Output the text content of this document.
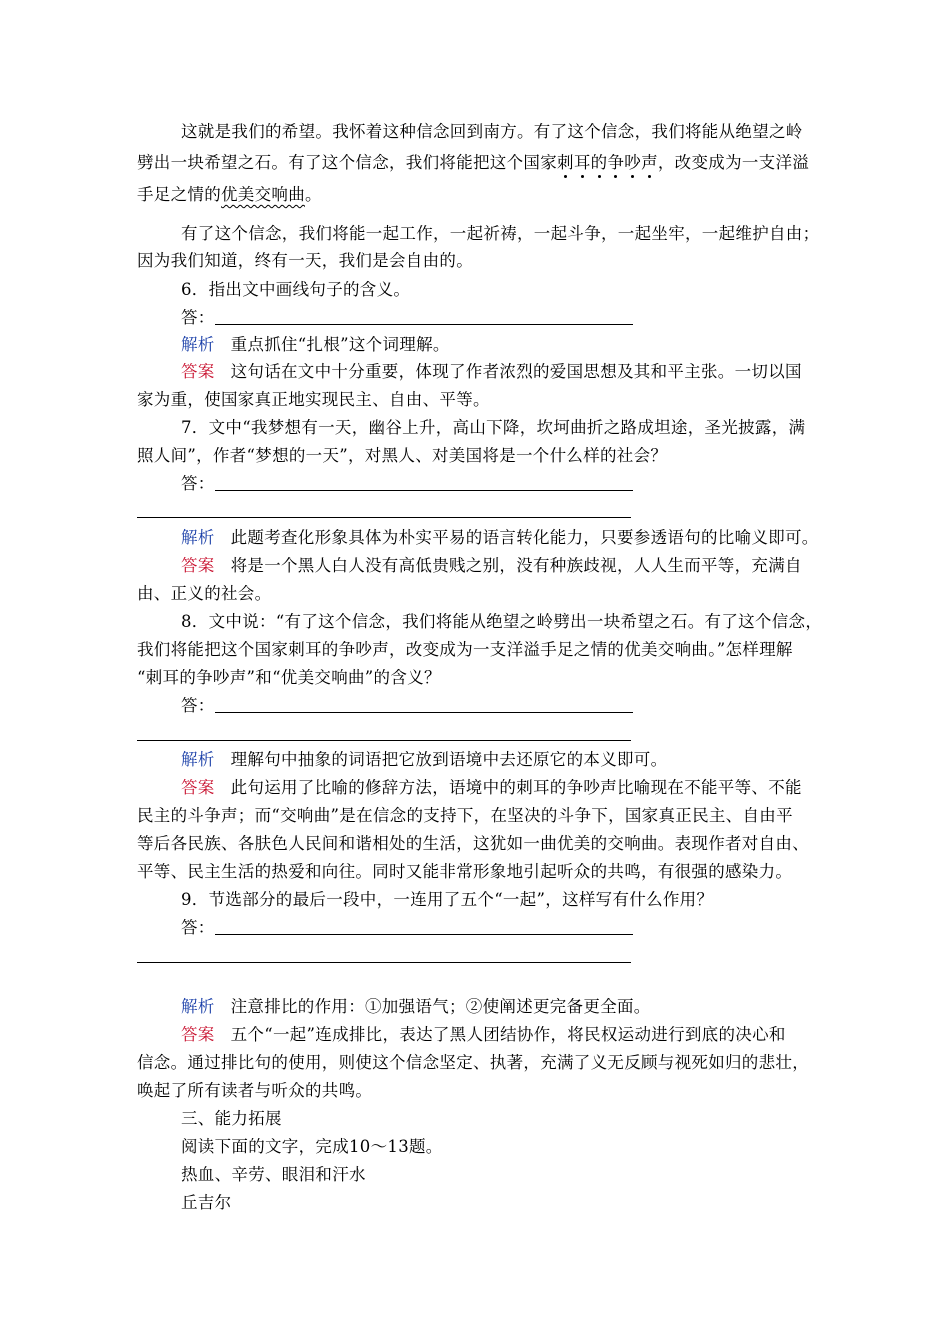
这就是我们的希望。我怀着这种信念回到南方。有了这个信念，我们将能从绝望之岭
劈出一块希望之石。有了这个信念，我们将能把这个国家刺耳的争吵声，改变成为一支洋溢
手足之情的优美交响曲。
有了这个信念，我们将能一起工作，一起祈祷，一起斗争，一起坐牢，一起维护自由；
因为我们知道，终有一天，我们是会自由的。
6．指出文中画线句子的含义。
答：
解析 重点抓住“扎根”这个词理解。
答案 这句话在文中十分重要，体现了作者浓烈的爱国思想及其和平主张。一切以国
家为重，使国家真正地实现民主、自由、平等。
7．文中“我梦想有一天，幽谷上升，高山下降，坎坷曲折之路成坦途，圣光披露，满
照人间”，作者“梦想的一天”，对黑人、对美国将是一个什么样的社会？
答：
解析 此题考查化形象具体为朴实平易的语言转化能力，只要参透语句的比喻义即可。
答案 将是一个黑人白人没有高低贵贱之别，没有种族歧视，人人生而平等，充满自
由、正义的社会。
8．文中说：“有了这个信念，我们将能从绝望之岭劈出一块希望之石。有了这个信念，
我们将能把这个国家刺耳的争吵声，改变成为一支洋溢手足之情的优美交响曲。”怎样理解
“刺耳的争吵声”和“优美交响曲”的含义？
答：
解析 理解句中抽象的词语把它放到语境中去还原它的本义即可。
答案 此句运用了比喻的修辞方法，语境中的刺耳的争吵声比喻现在不能平等、不能
民主的斗争声；而“交响曲”是在信念的支持下，在坚决的斗争下，国家真正民主、自由平
等后各民族、各肤色人民间和谐相处的生活，这犹如一曲优美的交响曲。表现作者对自由、
平等、民主生活的热爱和向往。同时又能非常形象地引起听众的共鸣，有很强的感染力。
9．节选部分的最后一段中，一连用了五个“一起”，这样写有什么作用？
答：
解析 注意排比的作用：①加强语气；②使阐述更完备更全面。
答案 五个“一起”连成排比，表达了黑人团结协作，将民权运动进行到底的决心和
信念。通过排比句的使用，则使这个信念坚定、执著，充满了义无反顾与视死如归的悲壮，
唤起了所有读者与听众的共鸣。
三、能力拓展
阅读下面的文字，完成10～13题。
热血、辛劳、眼泪和汗水
丘吉尔
